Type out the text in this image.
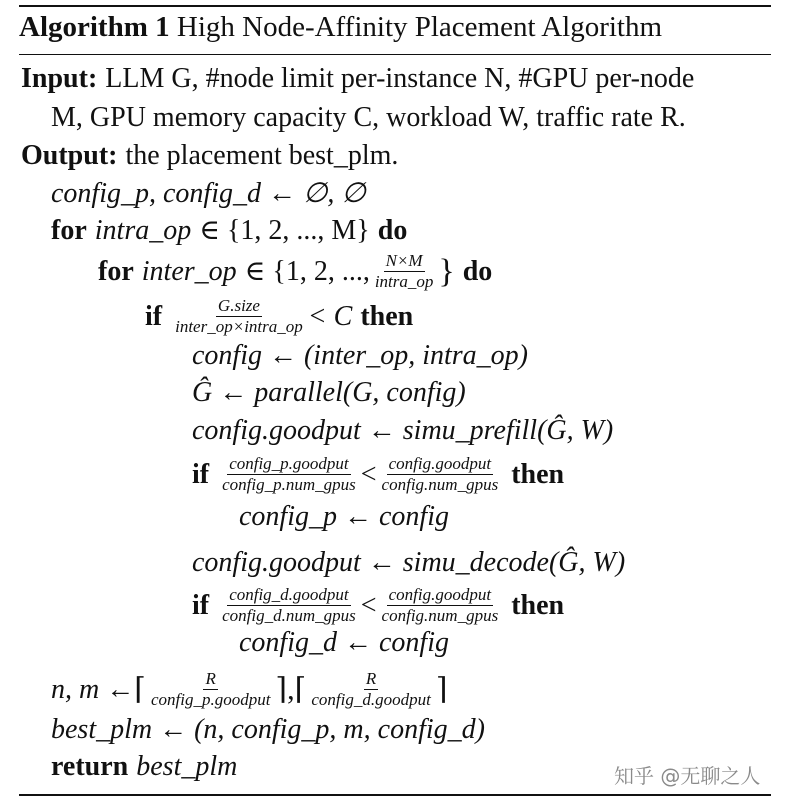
Algorithm 1 High Node-Affinity Placement Algorithm
Input: LLM G, #node limit per-instance N, #GPU per-node
M, GPU memory capacity C, workload W, traffic rate R.
Output: the placement best_plm.
config_p, config_d ← ∅, ∅
for intra_op ∈ {1, 2, ..., M} do
for inter_op ∈ {1, 2, ..., $\frac{N\times M}{\text{intra\_op}}$ } do
if $\frac{\text{G.size}}{\text{inter\_op×intra\_op}} < C$ then
config ← (inter_op, intra_op)
Ĝ ← parallel(G, config)
config.goodput ← simu_prefill(Ĝ, W)
if $\frac{\text{config\_p.goodput}}{\text{config\_p.num\_gpus}} < \frac{\text{config.goodput}}{\text{config.num\_gpus}}$ then
config_p ← config
config.goodput ← simu_decode(Ĝ, W)
if $\frac{\text{config\_d.goodput}}{\text{config\_d.num\_gpus}} < \frac{\text{config.goodput}}{\text{config.num\_gpus}}$ then
config_d ← config
n, m ← ⌈ $\frac{R}{\text{config\_p.goodput}}$ ⌉, ⌈ $\frac{R}{\text{config\_d.goodput}}$ ⌉
best_plm ← (n, config_p, m, config_d)
return best_plm	知乎 @无聊之人
